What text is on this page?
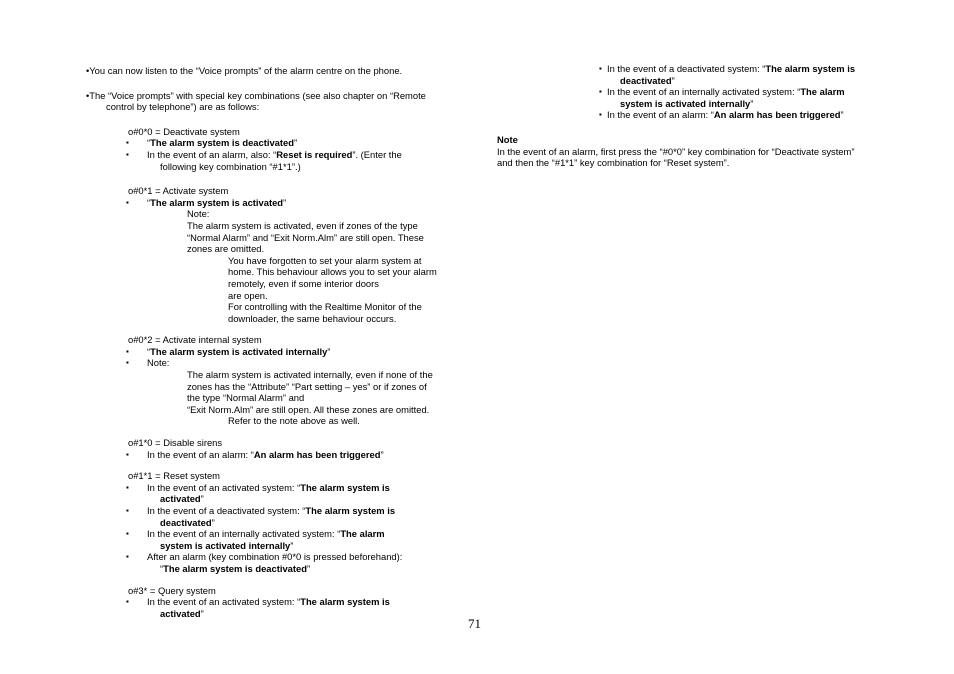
•You can now listen to the “Voice prompts” of the alarm centre on the phone.

•The “Voice prompts” with special key combinations (see also chapter on “Remote

control by telephone”) are as follows:

o#0*0 = Deactivate system

▪ “The alarm system is deactivated”

▪ In the event of an alarm, also: “Reset is required”. (Enter the

following key combination “#1*1”.)

o#0*1 = Activate system

▪ “The alarm system is activated”

Note:

The alarm system is activated, even if zones of the type

“Normal Alarm” and “Exit Norm.Alm” are still open. These

zones are omitted.

You have forgotten to set your alarm system at

home. This behaviour allows you to set your alarm

remotely, even if some interior doors

are open.

For controlling with the Realtime Monitor of the

downloader, the same behaviour occurs.

o#0*2 = Activate internal system

▪ “The alarm system is activated internally”

▪ Note:

The alarm system is activated internally, even if none of the

zones has the “Attribute” “Part setting – yes” or if zones of

the type “Normal Alarm” and

“Exit Norm.Alm” are still open. All these zones are omitted.

Refer to the note above as well.

o#1*0 = Disable sirens

▪ In the event of an alarm: “An alarm has been triggered”

o#1*1 = Reset system

▪ In the event of an activated system: “The alarm system is

activated”

▪ In the event of a deactivated system: “The alarm system is

deactivated”

▪ In the event of an internally activated system: “The alarm

system is activated internally”

▪ After an alarm (key combination #0*0 is pressed beforehand):

“The alarm system is deactivated”

o#3* = Query system

▪ In the event of an activated system: “The alarm system is

activated”

▪ In the event of a deactivated system: “The alarm system is

deactivated”

▪ In the event of an internally activated system: “The alarm

system is activated internally”

▪ In the event of an alarm: “An alarm has been triggered”

Note

In the event of an alarm, first press the “#0*0” key combination for “Deactivate system”

and then the “#1*1” key combination for “Reset system”.

71
